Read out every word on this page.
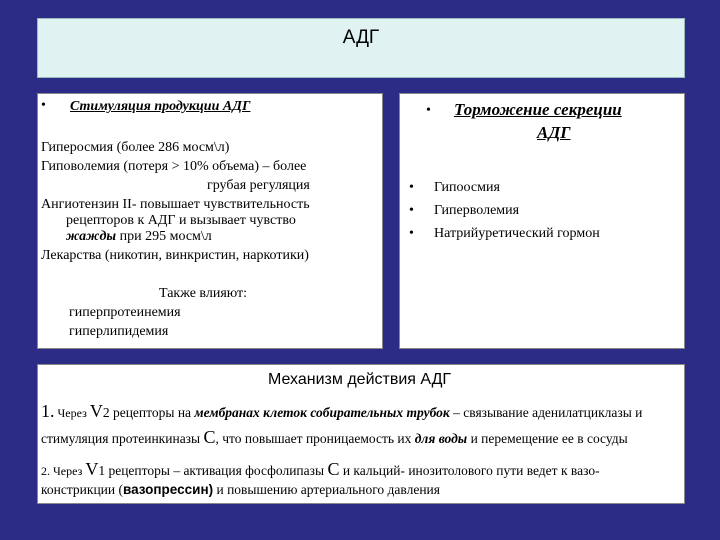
АДГ
• Стимуляция продукции АДГ
Гиперосмия (более 286 мосм\л)
Гиповолемия (потеря > 10% объема) – более
грубая регуляция
Ангиотензин II- повышает чувствительность
рецепторов к АДГ и вызывает чувство
жажды при 295 мосм\л
Лекарства (никотин, винкристин, наркотики)
Также влияют:
гиперпротеинемия
гиперлипидемия
• Торможение секреции
АДГ
• Гипоосмия
• Гиперволемия
• Натрийуретический гормон
Механизм действия АДГ
1. Через V2 рецепторы на мембранах клеток собирательных трубок – связывание аденилатциклазы и
стимуляция протеинкиназы С, что повышает проницаемость их для воды и перемещение ее в сосуды
2. Через V1 рецепторы – активация фосфолипазы С и кальций- инозитолового пути ведет к вазо-
констрикции (вазопрессин) и повышению артериального давления
